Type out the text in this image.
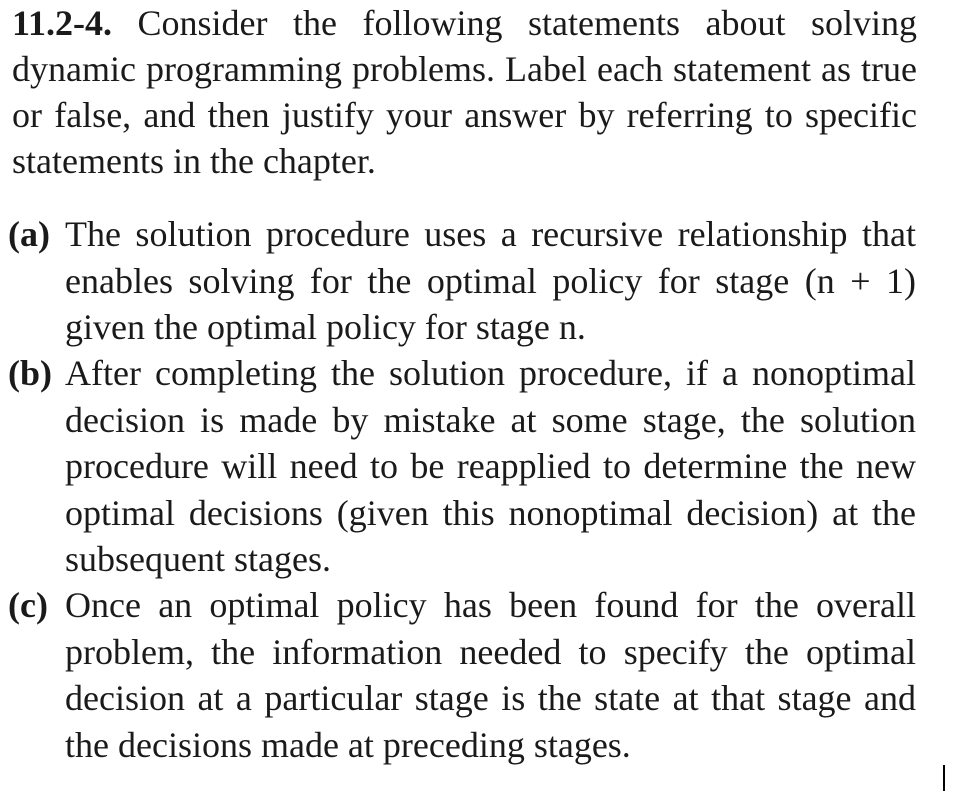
11.2-4. Consider the following statements about solving dynamic programming problems. Label each statement as true or false, and then justify your answer by referring to specific statements in the chapter.
(a) The solution procedure uses a recursive relationship that enables solving for the optimal policy for stage (n + 1) given the optimal policy for stage n.
(b) After completing the solution procedure, if a nonoptimal decision is made by mistake at some stage, the solution procedure will need to be reapplied to determine the new optimal decisions (given this nonoptimal decision) at the subsequent stages.
(c) Once an optimal policy has been found for the overall problem, the information needed to specify the optimal decision at a particular stage is the state at that stage and the decisions made at preceding stages.
